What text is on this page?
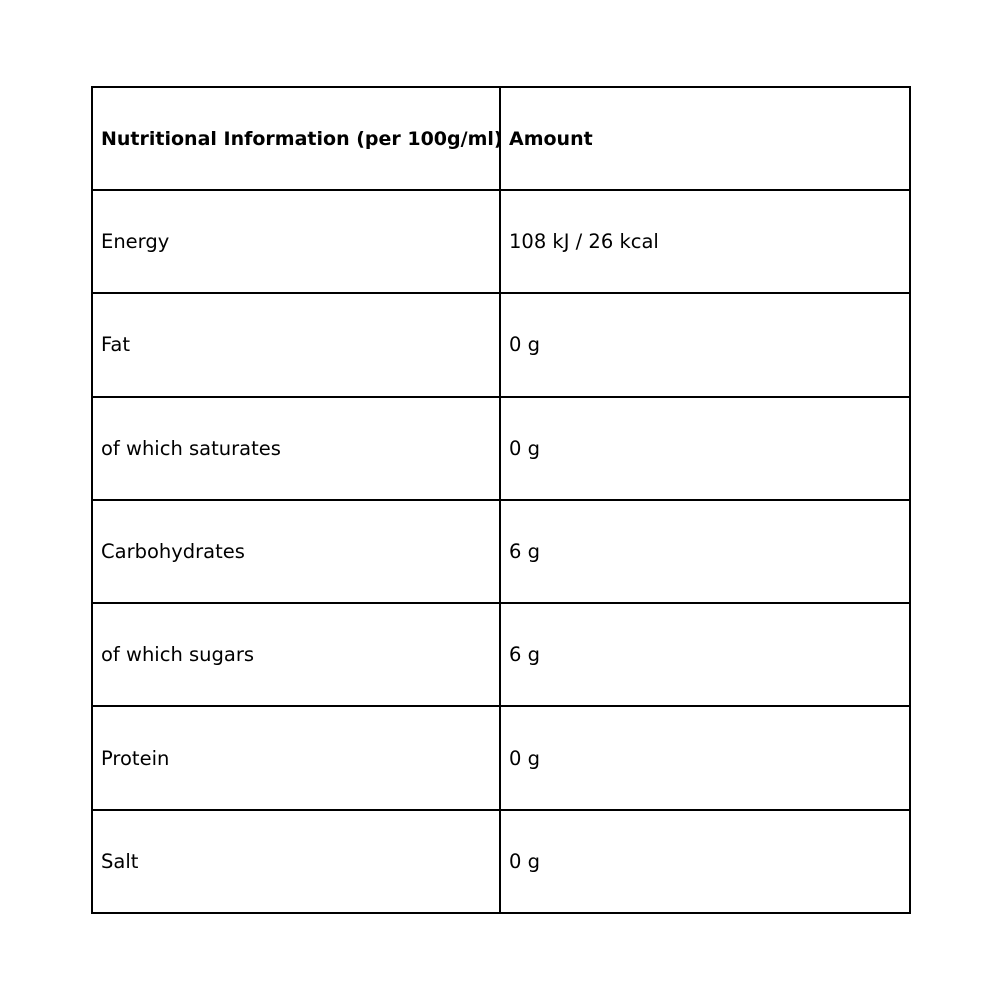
Nutritional Information (per 100g/ml)	Amount
Energy	108 kJ / 26 kcal
Fat	0 g
of which saturates	0 g
Carbohydrates	6 g
of which sugars	6 g
Protein	0 g
Salt	0 g
